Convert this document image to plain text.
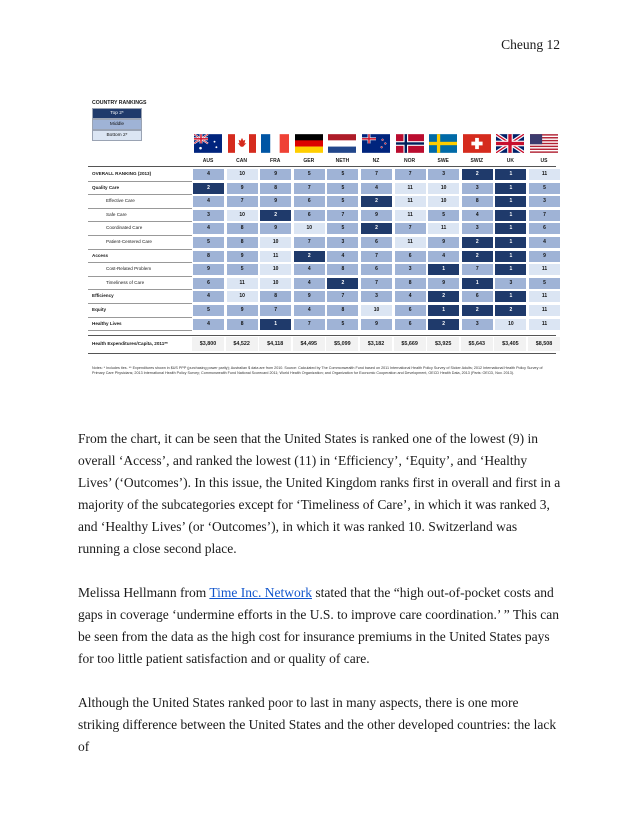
Cheung 12
COUNTRY RANKINGS
Top 2*
Middle
Bottom 2*
AUS	CAN	FRA	GER	NETH	NZ	NOR	SWE	SWIZ	UK	US
OVERALL RANKING (2013)	4	10	9	5	5	7	7	3	2	1	11
Quality Care	2	9	8	7	5	4	11	10	3	1	5
Effective Care	4	7	9	6	5	2	11	10	8	1	3
Safe Care	3	10	2	6	7	9	11	5	4	1	7
Coordinated Care	4	8	9	10	5	2	7	11	3	1	6
Patient-Centered Care	5	8	10	7	3	6	11	9	2	1	4
Access	8	9	11	2	4	7	6	4	2	1	9
Cost-Related Problem	9	5	10	4	8	6	3	1	7	1	11
Timeliness of Care	6	11	10	4	2	7	8	9	1	3	5
Efficiency	4	10	8	9	7	3	4	2	6	1	11
Equity	5	9	7	4	8	10	6	1	2	2	11
Healthy Lives	4	8	1	7	5	9	6	2	3	10	11
Health Expenditures/Capita, 2011**	$3,800	$4,522	$4,118	$4,495	$5,099	$3,182	$5,669	$3,925	$5,643	$3,405	$8,508
Notes: * Includes ties. ** Expenditures shown in $US PPP (purchasing power parity); Australian $ data are from 2010. Source: Calculated by The Commonwealth Fund based on 2011 International Health Policy Survey of Sicker Adults; 2012 International Health Policy Survey of Primary Care Physicians; 2013 International Health Policy Survey; Commonwealth Fund National Scorecard 2011; World Health Organization; and Organization for Economic Cooperation and Development, OECD Health Data, 2013 (Paris: OECD, Nov. 2013).
From the chart, it can be seen that the United States is ranked one of the lowest (9) in overall ‘Access’, and ranked the lowest (11) in ‘Efficiency’, ‘Equity’, and ‘Healthy Lives’ (‘Outcomes’). In this issue, the United Kingdom ranks first in overall and first in a majority of the subcategories except for ‘Timeliness of Care’, in which it was ranked 3, and ‘Healthy Lives’ (or ‘Outcomes’), in which it was ranked 10. Switzerland was running a close second place.
Melissa Hellmann from Time Inc. Network stated that the “high out-of-pocket costs and gaps in coverage ‘undermine efforts in the U.S. to improve care coordination.’ ” This can be seen from the data as the high cost for insurance premiums in the United States pays for too little patient satisfaction and or quality of care.
Although the United States ranked poor to last in many aspects, there is one more striking difference between the United States and the other developed countries: the lack of
